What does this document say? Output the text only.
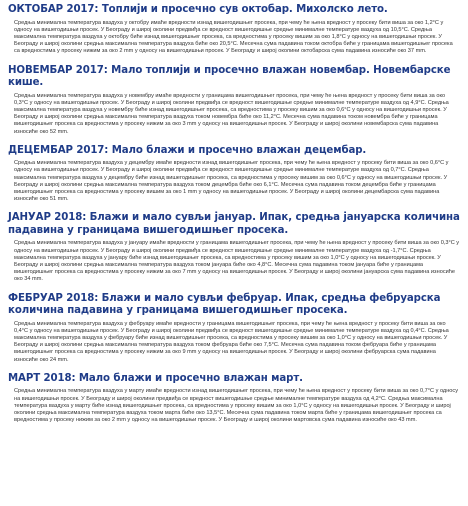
ОКТОБАР 2017: Топлији и просечно сув октобар. Михолско лето.

Средња минимална температура ваздуха у октобру имаће вредности изнад вишегодишњег просека, при чему ће њена вредност у просеку бити виша за око 1,2°C у односу на вишегодишњи просек. У Београду и широј околини предвиђа се вредност вишегодишње средње минималне температуре ваздуха од 10,5°C. Средња максимална температура ваздуха у октобру биће изнад вишегодишњег просека, са вредностима у просеку вишим за око 1,8°C у односу на вишегодишњи просек. У Београду и широј околини средња максимална температура ваздуха биће око 20,5°C. Месечна сума падавина током октобра биће у границама вишегодишњег просека са вредностима у просеку нижим за око 2 mm у односу на вишегодишњи просек. У Београду и широј околини октобарска сума падавина износиће око 37 mm.

НОВЕМБАР 2017: Мало топлији и просечно влажан новембар. Новембарске кише.

Средња минимална температура ваздуха у новембру имаће вредности у границама вишегодишњег просека, при чему ће њена вредност у просеку бити виша за око 0,3°C у односу на вишегодишњи просек. У Београду и широј околини предвиђа се вредност вишегодишње средње минималне температуре ваздуха од 4,9°C. Средња максимална температура ваздуха у новембру биће изнад вишегодишњег просека, са вредностима у просеку вишим за око 0,6°C у односу на вишегодишњи просек. У Београду и широј околини средња максимална температура ваздуха током новембра биће око 11,2°C. Месечна сума падавина током новембра биће у границама вишегодишњег просека са вредностима у просеку нижим за око 3 mm у односу на вишегодишњи просек. У Београду и широј околини новембарска сума падавина износиће око 52 mm.

ДЕЦЕМБАР 2017: Мало блажи и просечно влажан децембар.

Средња минимална температура ваздуха у децембру имаће вредности изнад вишегодишњег просека, при чему ће њена вредност у просеку бити виша за око 0,6°C у односу на вишегодишњи просек. У Београду и широј околини предвиђа се вредност вишегодишње средње минималне температуре ваздуха од 0,7°C. Средња максимална температура ваздуха у децембру биће изнад вишегодишњег просека, са вредностима у просеку вишим за око 0,6°C у односу на вишегодишњи просек. У Београду и широј околини средња максимална температура ваздуха током децембра биће око 6,1°C. Месечна сума падавина током децембра биће у границама вишегодишњег просека са вредностима у просеку вишим за око 1 mm у односу на вишегодишњи просек. У Београду и широј околини децембарска сума падавина износиће око 51 mm.

ЈАНУАР 2018: Блажи и мало сувљи јануар. Ипак, средња јануарска количина падавина у границама вишегодишњег просека.

Средња минимална температура ваздуха у јануару имаће вредности у границама вишегодишњег просека, при чему ће њена вредност у просеку бити виша за око 0,3°C у односу на вишегодишњи просек. У Београду и широј околини предвиђа се вредност вишегодишње средње минималне температуре ваздуха од -1,7°C. Средња максимална температура ваздуха у јануару биће изнад вишегодишњег просека, са вредностима у просеку вишим за око 1,0°C у односу на вишегодишњи просек. У Београду и широј околини средња максимална температура ваздуха током јануара биће око 4,8°C. Месечна сума падавина током јануара биће у границама вишегодишњег просека са вредностима у просеку нижим за око 7 mm у односу на вишегодишњи просек. У Београду и широј околини јануарска сума падавина износиће око 34 mm.

ФЕБРУАР 2018: Блажи и мало сувљи фебруар. Ипак, средња фебруарска количина падавина у границама вишегодишњег просека.

Средња минимална температура ваздуха у фебруару имаће вредности у границама вишегодишњег просека, при чему ће њена вредност у просеку бити виша за око 0,4°C у односу на вишегодишњи просек. У Београду и широј околини предвиђа се вредност вишегодишње средње минималне температуре ваздуха од 0,4°C. Средња максимална температура ваздуха у фебруару биће изнад вишегодишњег просека, са вредностима у просеку вишим за око 1,0°C у односу на вишегодишњи просек. У Београду и широј околини средња максимална температура ваздуха током фебруара биће око 7,5°C. Месечна сума падавина током фебруара биће у границама вишегодишњег просека са вредностима у просеку нижим за око 9 mm у односу на вишегодишњи просек. У Београду и широј околини фебруарска сума падавина износиће око 24 mm.

МАРТ 2018: Мало блажи и просечно влажан март.

Средња минимална температура ваздуха у марту имаће вредности изнад вишегодишњег просека, при чему ће њена вредност у просеку бити виша за око 0,7°C у односу на вишегодишњи просек. У Београду и широј околини предвиђа се вредност вишегодишње средње минималне температуре ваздуха од 4,2°C. Средња максимална температура ваздуха у марту биће изнад вишегодишњег просека, са вредностима у просеку вишим за око 1,0°C у односу на вишегодишњи просек. У Београду и широј околини средња максимална температура ваздуха током марта биће око 13,5°C. Месечна сума падавина током марта биће у границама вишегодишњег просека са вредностима у просеку нижим за око 2 mm у односу на вишегодишњи просек. У Београду и широј околини мартовска сума падавина износиће око 43 mm.
